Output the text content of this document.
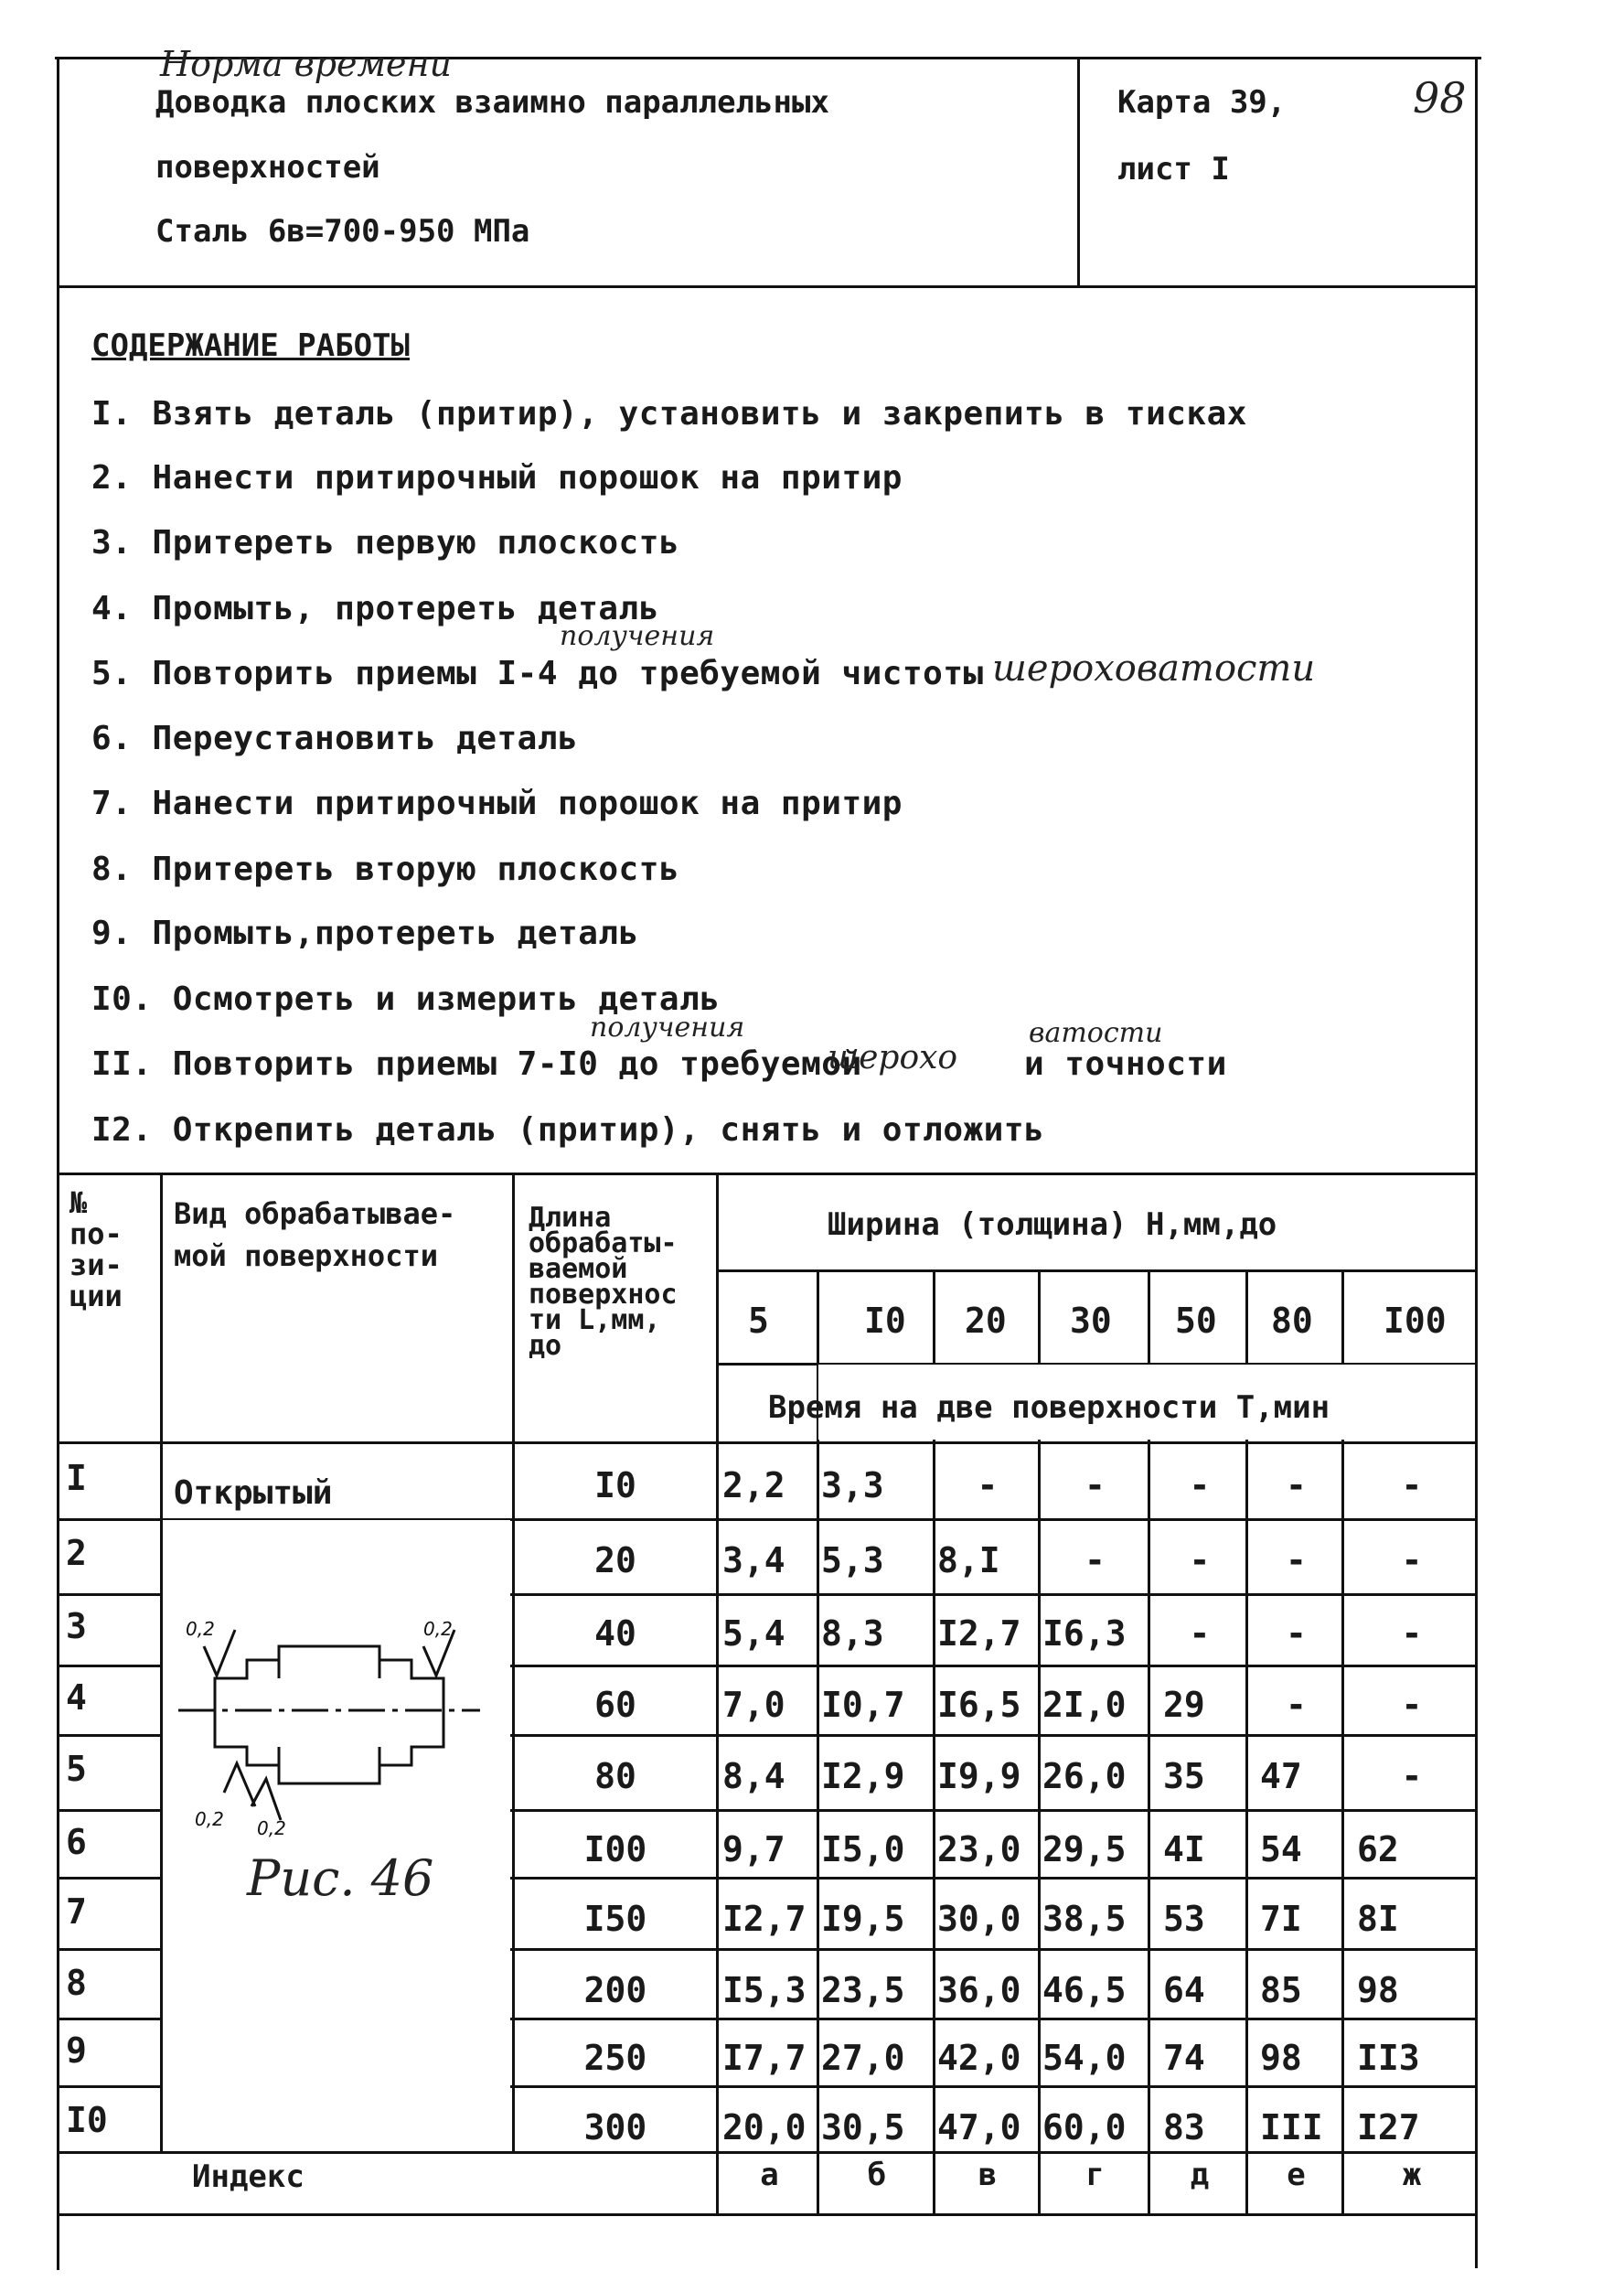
Норма времени
Доводка плоских взаимно параллельных
поверхностей
Сталь 6в=700-950 МПа
Карта 39,
лист I
98
СОДЕРЖАНИЕ РАБОТЫ
I. Взять деталь (притир), установить и закрепить в тисках
2. Нанести притирочный порошок на притир
3. Притереть первую плоскость
4. Промыть, протереть деталь
получения
5. Повторить приемы I-4 до требуемой чистоты шероховатости
6. Переустановить деталь
7. Нанести притирочный порошок на притир
8. Притереть вторую плоскость
9. Промыть,протереть деталь
I0. Осмотреть и измерить деталь
получения	ватости
II. Повторить приемы 7-I0 до требуемой
шерохо и точности
I2. Открепить деталь (притир), снять и отложить
№
по-
зи-
ции
Вид обрабатывае-
мой поверхности
Длина
обрабаты-
ваемой
поверхнос
ти L,мм,
до
Ширина (толщина) Н,мм,до
5	I0 20 30 50 80 I00
Время на две поверхности Т,мин
Открытый
0,2	0,2
0,2 0,2
Рис. 46
I	I0	2,2 3,3	-	-	-	-	-
2	20	3,4 5,3 8,I	-	-	-	-
3	40	5,4 8,3 I2,7 I6,3	-	-	-
4	60	7,0 I0,7 I6,5 2I,0 29	-	-
5	80	8,4 I2,9 I9,9 26,0 35 47	-
6	I00	9,7 I5,0 23,0 29,5 4I 54 62
7	I50	I2,7 I9,5 30,0 38,5 53 7I 8I
8	200	I5,3 23,5 36,0 46,5 64 85 98
9	250	I7,7 27,0 42,0 54,0 74 98 II3
I0	300	20,0 30,5 47,0 60,0 83 III I27
Индекс	а	б	в	г	д	е	ж
